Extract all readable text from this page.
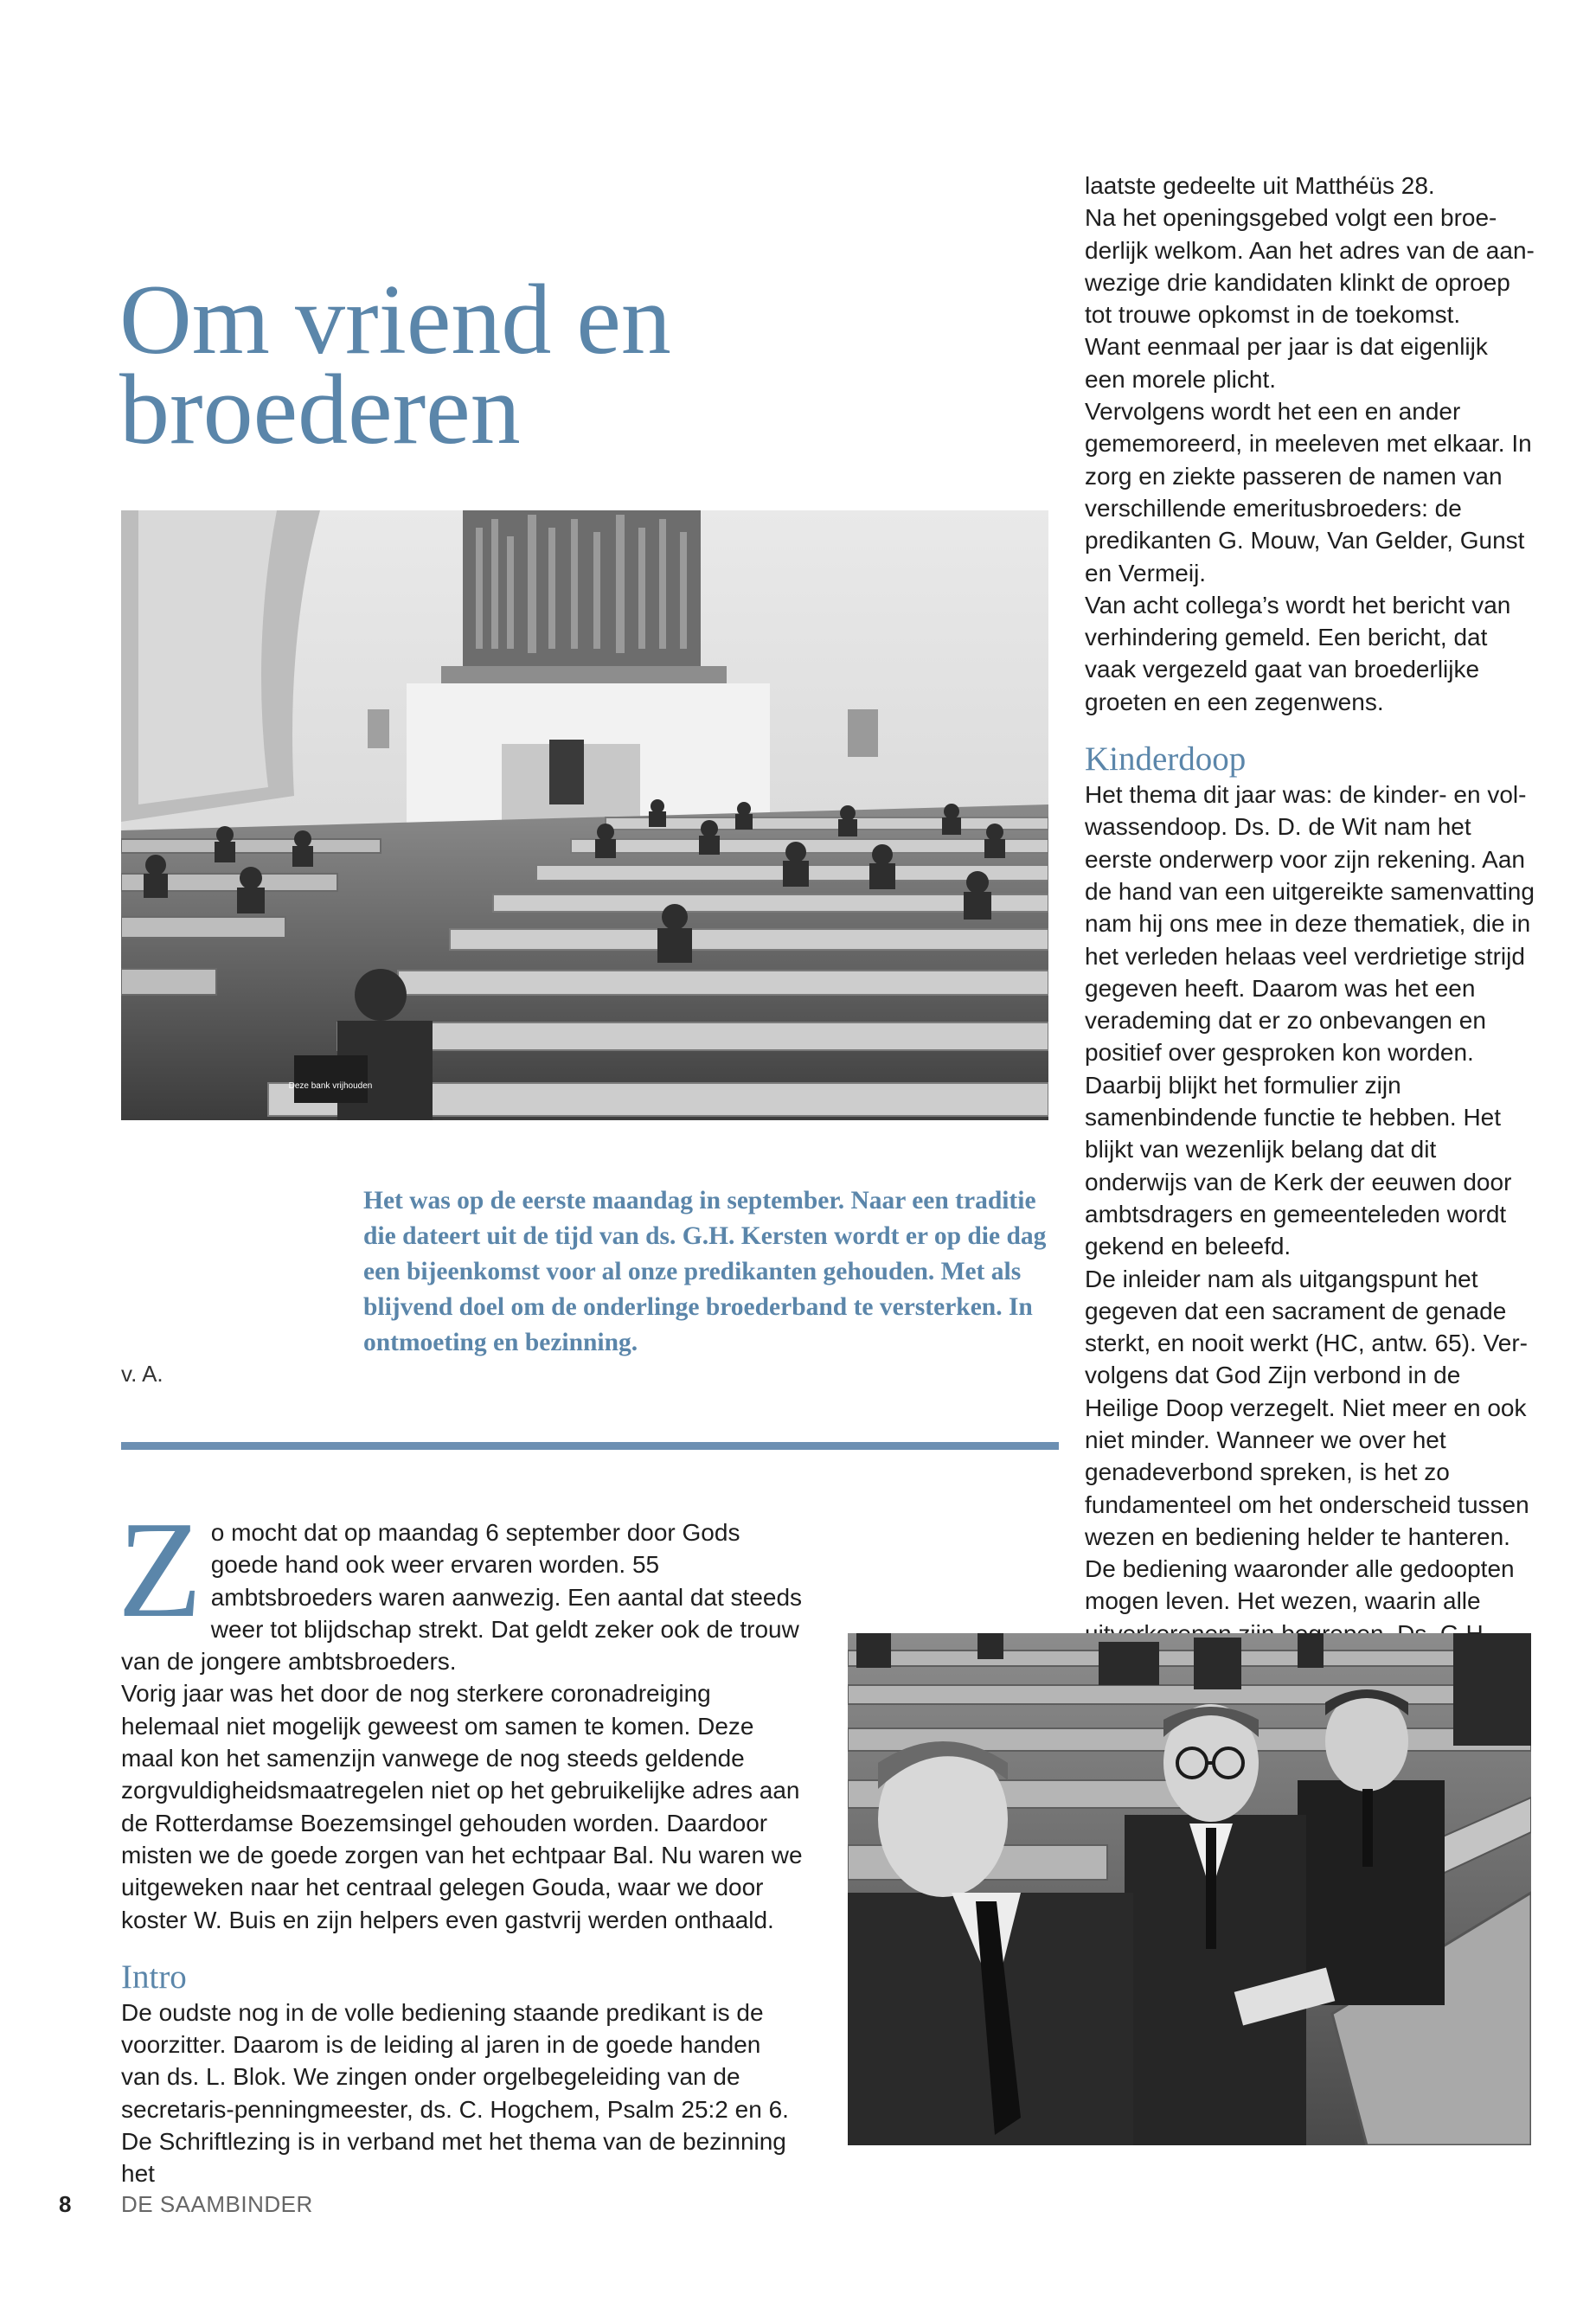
Om vriend en
broederen
Deze bank vrijhouden

Het was op de eerste maandag in september. Naar een traditie die dateert uit de tijd van ds. G.H. Kersten wordt er op die dag een bijeenkomst voor al onze predikanten gehouden. Met als blijvend doel om de onderlinge broederband te versterken. In ontmoeting en bezinning.

v. A.

Zo mocht dat op maandag 6 september door Gods goede hand ook weer ervaren worden. 55 ambtsbroeders waren aanwezig. Een aantal dat steeds weer tot blijdschap strekt. Dat geldt zeker ook de trouw van de jongere ambtsbroeders.

Vorig jaar was het door de nog sterkere coronadreiging helemaal niet mogelijk geweest om samen te komen. Deze maal kon het samenzijn vanwege de nog steeds geldende zorgvuldigheidsmaatregelen niet op het gebruikelijke adres aan de Rotterdamse Boezemsingel gehouden worden. Daardoor misten we de goede zorgen van het echtpaar Bal. Nu waren we uitgeweken naar het centraal gelegen Gouda, waar we door koster W. Buis en zijn helpers even gastvrij werden onthaald.

Intro

De oudste nog in de volle bediening staande predikant is de voorzitter. Daarom is de leiding al jaren in de goede handen van ds. L. Blok. We zingen onder orgelbegeleiding van de secretaris-penningmeester, ds. C. Hogchem, Psalm 25:2 en 6. De Schriftlezing is in verband met het thema van de bezinning het

laatste gedeelte uit Matthéüs 28.

Na het openingsgebed volgt een broederlijk welkom. Aan het adres van de aanwezige drie kandidaten klinkt de oproep tot trouwe opkomst in de toekomst.

Want eenmaal per jaar is dat eigenlijk een morele plicht.

Vervolgens wordt het een en ander gememoreerd, in meeleven met elkaar. In zorg en ziekte passeren de namen van verschillende emeritusbroeders: de predikanten G. Mouw, Van Gelder, Gunst en Vermeij.

Van acht collega’s wordt het bericht van verhindering gemeld. Een bericht, dat vaak vergezeld gaat van broederlijke groeten en een zegenwens.

Kinderdoop

Het thema dit jaar was: de kinder- en volwassendoop. Ds. D. de Wit nam het eerste onderwerp voor zijn rekening. Aan de hand van een uitgereikte samenvatting nam hij ons mee in deze thematiek, die in het verleden helaas veel verdrietige strijd gegeven heeft. Daarom was het een verademing dat er zo onbevangen en positief over gesproken kon worden. Daarbij blijkt het formulier zijn samenbindende functie te hebben. Het blijkt van wezenlijk belang dat dit onderwijs van de Kerk der eeuwen door ambtsdragers en gemeenteleden wordt gekend en beleefd.

De inleider nam als uitgangspunt het gegeven dat een sacrament de genade sterkt, en nooit werkt (HC, antw. 65). Vervolgens dat God Zijn verbond in de Heilige Doop verzegelt. Niet meer en ook niet minder. Wanneer we over het genadeverbond spreken, is het zo fundamenteel om het onderscheid tussen wezen en bediening helder te hanteren. De bediening waaronder alle gedoopten mogen leven. Het wezen, waarin alle

8 DE SAAMBINDER
